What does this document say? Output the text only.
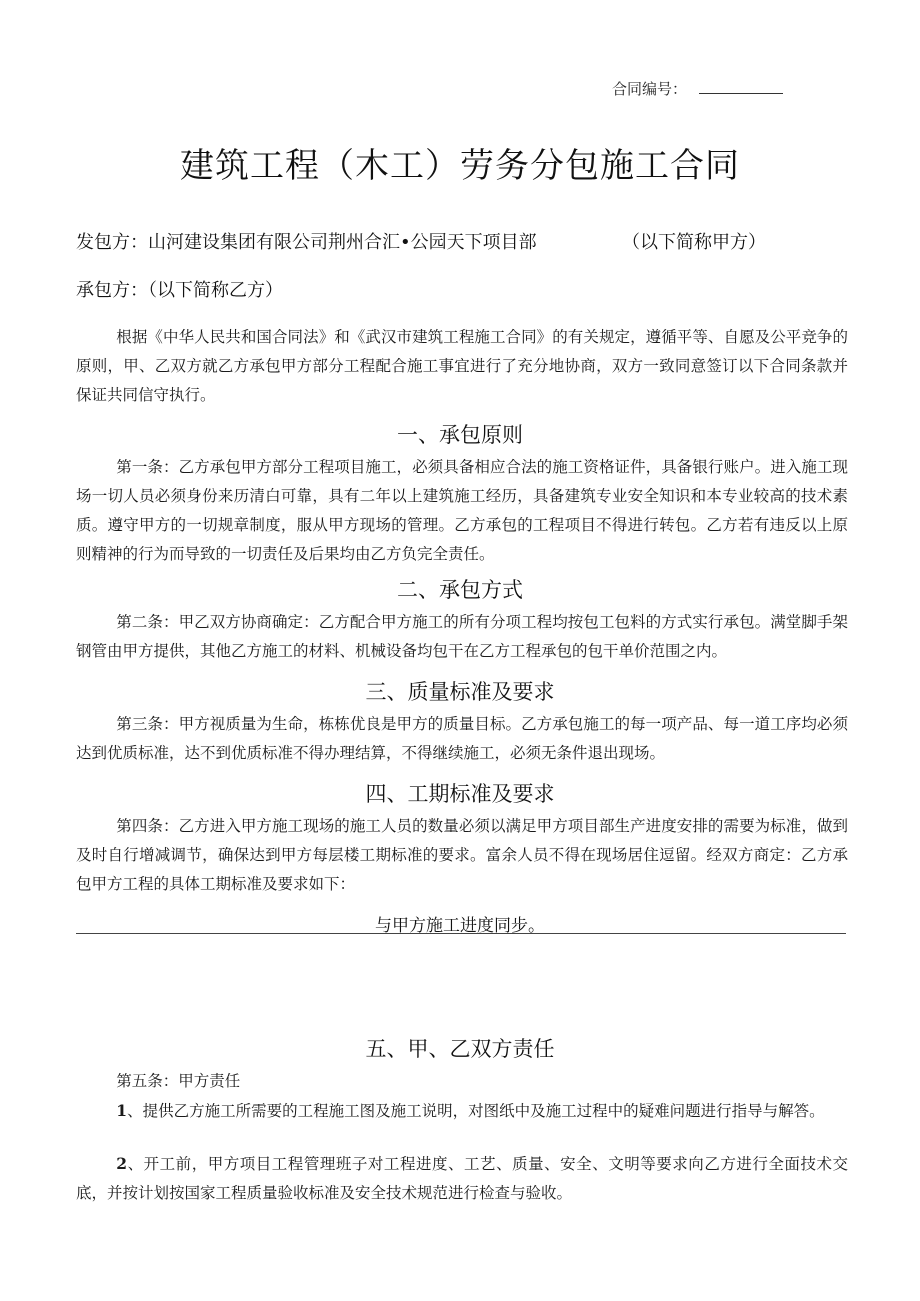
合同编号：
建筑工程（木工）劳务分包施工合同
发包方：山河建设集团有限公司荆州合汇•公园天下项目部	（以下简称甲方）
承包方：（以下简称乙方）

根据《中华人民共和国合同法》和《武汉市建筑工程施工合同》的有关规定，遵循平等、自愿及公平竞争的原则，甲、乙双方就乙方承包甲方部分工程配合施工事宜进行了充分地协商，双方一致同意签订以下合同条款并保证共同信守执行。

一、承包原则

第一条：乙方承包甲方部分工程项目施工，必须具备相应合法的施工资格证件，具备银行账户。进入施工现场一切人员必须身份来历清白可靠，具有二年以上建筑施工经历，具备建筑专业安全知识和本专业较高的技术素质。遵守甲方的一切规章制度，服从甲方现场的管理。乙方承包的工程项目不得进行转包。乙方若有违反以上原则精神的行为而导致的一切责任及后果均由乙方负完全责任。

二、承包方式

第二条：甲乙双方协商确定：乙方配合甲方施工的所有分项工程均按包工包料的方式实行承包。满堂脚手架钢管由甲方提供，其他乙方施工的材料、机械设备均包干在乙方工程承包的包干单价范围之内。

三、质量标准及要求

第三条：甲方视质量为生命，栋栋优良是甲方的质量目标。乙方承包施工的每一项产品、每一道工序均必须达到优质标准，达不到优质标准不得办理结算，不得继续施工，必须无条件退出现场。

四、工期标准及要求

第四条：乙方进入甲方施工现场的施工人员的数量必须以满足甲方项目部生产进度安排的需要为标准，做到及时自行增减调节，确保达到甲方每层楼工期标准的要求。富余人员不得在现场居住逗留。经双方商定：乙方承包甲方工程的具体工期标准及要求如下：

与甲方施工进度同步。
五、甲、乙双方责任

第五条：甲方责任

1、提供乙方施工所需要的工程施工图及施工说明，对图纸中及施工过程中的疑难问题进行指导与解答。

2、开工前，甲方项目工程管理班子对工程进度、工艺、质量、安全、文明等要求向乙方进行全面技术交底，并按计划按国家工程质量验收标准及安全技术规范进行检查与验收。
